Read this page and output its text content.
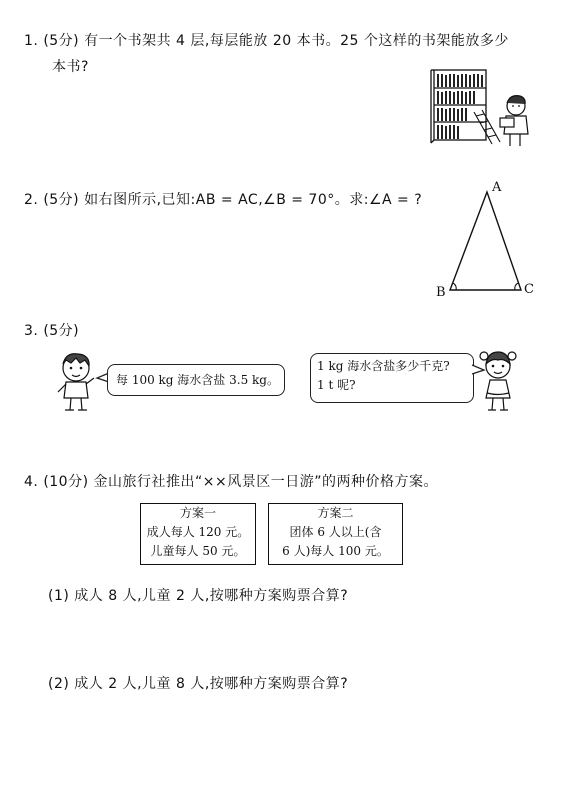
1. (5分) 有一个书架共 4 层,每层能放 20 本书。25 个这样的书架能放多少
本书?
2. (5分) 如右图所示,已知:AB = AC,∠B = 70°。求:∠A = ?
A
B	C
3. (5分)
每 100 kg 海水含盐 3.5 kg。
1 kg 海水含盐多少千克?
1 t 呢?
4. (10分) 金山旅行社推出“××风景区一日游”的两种价格方案。
方案一
成人每人 120 元。
儿童每人 50 元。
方案二
团体 6 人以上(含
6 人)每人 100 元。
(1) 成人 8 人,儿童 2 人,按哪种方案购票合算?
(2) 成人 2 人,儿童 8 人,按哪种方案购票合算?
